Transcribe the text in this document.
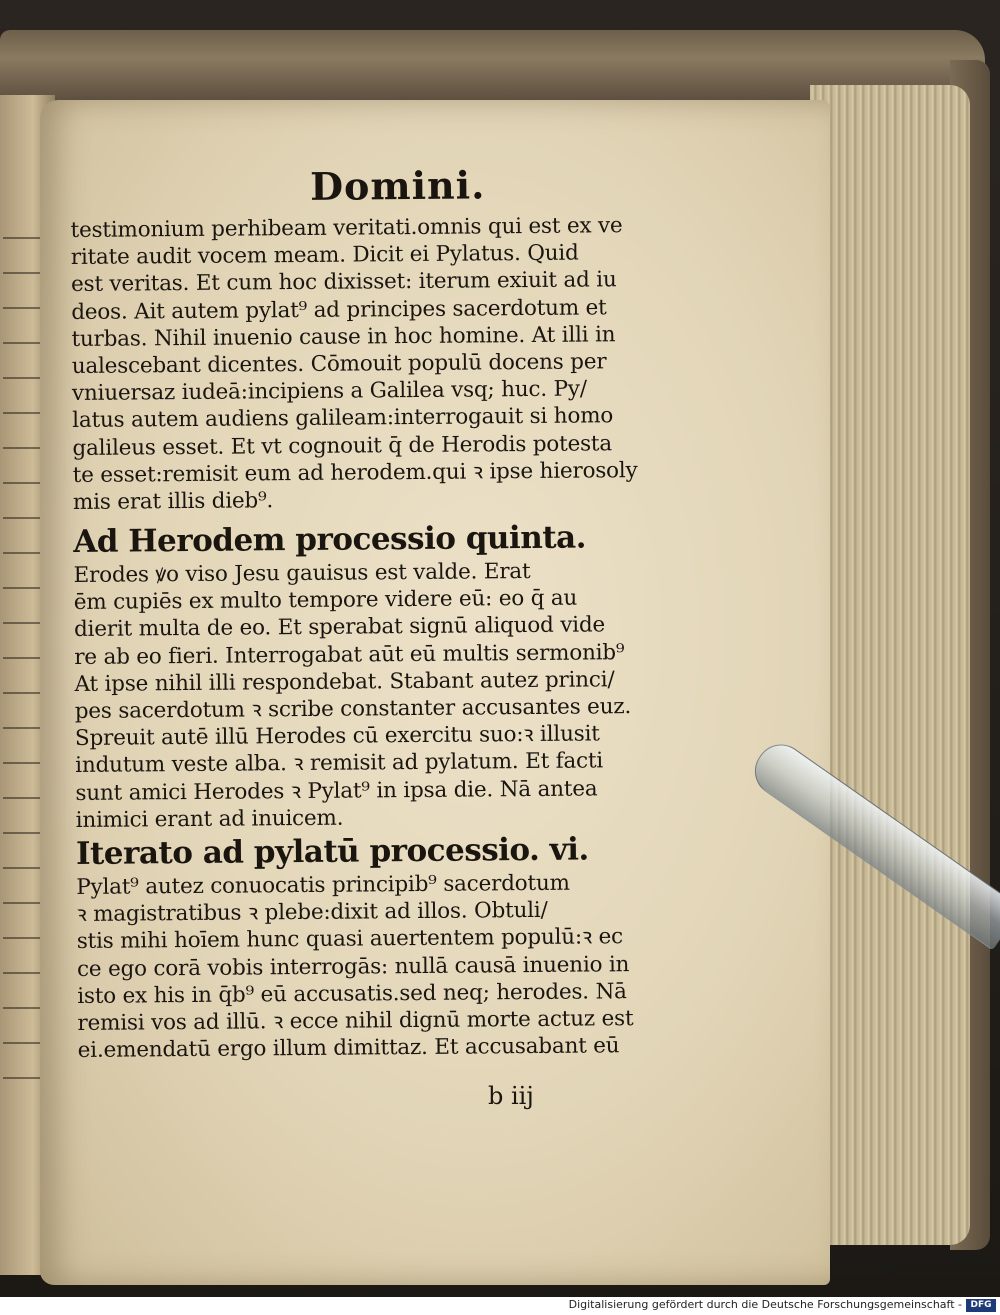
Domini.
testimonium perhibeam veritati.omnis qui est ex ve
ritate audit vocem meam. Dicit ei Pylatus. Quid
est veritas. Et cum hoc dixisset: iterum exiuit ad iu
deos. Ait autem pylat⁹ ad principes sacerdotum et
turbas. Nihil inuenio cause in hoc homine. At illi in
ualescebant dicentes. Cōmouit populū docens per
vniuersaz iudeā:incipiens a Galilea vsq; huc. Py/
latus autem audiens galileam:interrogauit si homo
galileus esset. Et vt cognouit q̄ de Herodis potesta
te esset:remisit eum ad herodem.qui ꝛ ipse hierosoly
mis erat illis dieb⁹.
Ad Herodem processio quinta.
Erodes ꝟo viso Jesu gauisus est valde. Erat
ēm cupiēs ex multo tempore videre eū: eo q̄ au
dierit multa de eo. Et sperabat signū aliquod vide
re ab eo fieri. Interrogabat aūt eū multis sermonib⁹
At ipse nihil illi respondebat. Stabant autez princi/
pes sacerdotum ꝛ scribe constanter accusantes euz.
Spreuit autē illū Herodes cū exercitu suo:ꝛ illusit
indutum veste alba. ꝛ remisit ad pylatum. Et facti
sunt amici Herodes ꝛ Pylat⁹ in ipsa die. Nā antea
inimici erant ad inuicem.
Iterato ad pylatū processio. vi.
Pylat⁹ autez conuocatis principib⁹ sacerdotum
ꝛ magistratibus ꝛ plebe:dixit ad illos. Obtuli/
stis mihi hoīem hunc quasi auertentem populū:ꝛ ec
ce ego corā vobis interrogās: nullā causā inuenio in
isto ex his in q̄b⁹ eū accusatis.sed neq; herodes. Nā
remisi vos ad illū. ꝛ ecce nihil dignū morte actuz est
ei.emendatū ergo illum dimittaz. Et accusabant eū
b iij
Digitalisierung gefördert durch die Deutsche Forschungsgemeinschaft - DFG
